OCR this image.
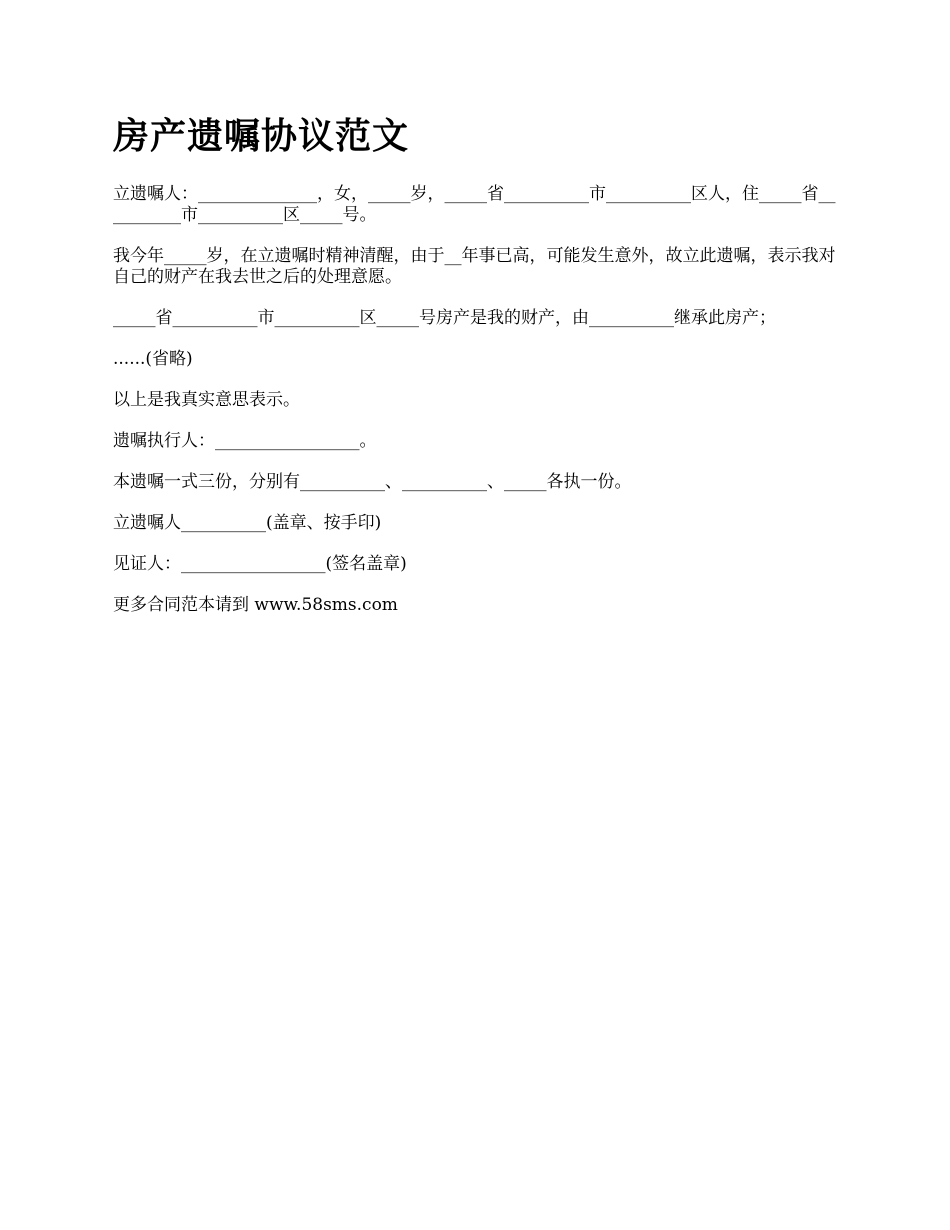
房产遗嘱协议范文

立遗嘱人：______________，女，_____岁，_____省__________市__________区人，住_____省__________市__________区_____号。

我今年_____岁，在立遗嘱时精神清醒，由于__年事已高，可能发生意外，故立此遗嘱，表示我对自己的财产在我去世之后的处理意愿。

_____省__________市__________区_____号房产是我的财产，由__________继承此房产；

......(省略)

以上是我真实意思表示。

遗嘱执行人：_________________。

本遗嘱一式三份，分别有__________、__________、_____各执一份。

立遗嘱人__________(盖章、按手印)

见证人：_________________(签名盖章)

更多合同范本请到 www.58sms.com
